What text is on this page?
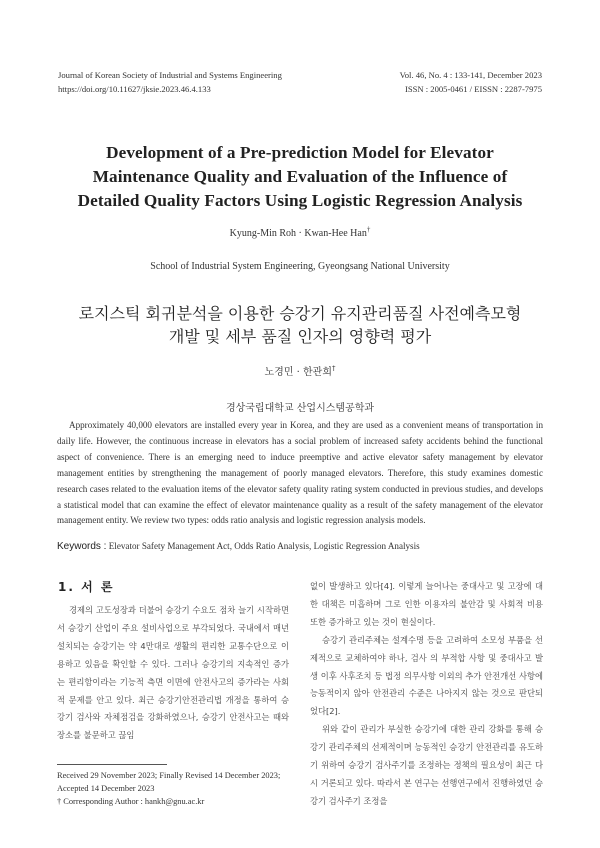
Journal of Korean Society of Industrial and Systems Engineering
https://doi.org/10.11627/jksie.2023.46.4.133
Vol. 46, No. 4 : 133-141, December 2023
ISSN : 2005-0461 / EISSN : 2287-7975
Development of a Pre-prediction Model for Elevator
Maintenance Quality and Evaluation of the Influence of
Detailed Quality Factors Using Logistic Regression Analysis
Kyung-Min Roh · Kwan-Hee Han†
School of Industrial System Engineering, Gyeongsang National University
로지스틱 회귀분석을 이용한 승강기 유지관리품질 사전예측모형
개발 및 세부 품질 인자의 영향력 평가
노경민 · 한관희†
경상국립대학교 산업시스템공학과
Approximately 40,000 elevators are installed every year in Korea, and they are used as a convenient means of transportation in daily life. However, the continuous increase in elevators has a social problem of increased safety accidents behind the functional aspect of convenience. There is an emerging need to induce preemptive and active elevator safety management by elevator management entities by strengthening the management of poorly managed elevators. Therefore, this study examines domestic research cases related to the evaluation items of the elevator safety quality rating system conducted in previous studies, and develops a statistical model that can examine the effect of elevator maintenance quality as a result of the safety management of the elevator management entity. We review two types: odds ratio analysis and logistic regression analysis models.
Keywords : Elevator Safety Management Act, Odds Ratio Analysis, Logistic Regression Analysis
1. 서 론

경제의 고도성장과 더불어 승강기 수요도 점차 늘기 시작하면서 승강기 산업이 주요 설비사업으로 부각되었다. 국내에서 매년 설치되는 승강기는 약 4만대로 생활의 편리한 교통수단으로 이용하고 있음을 확인할 수 있다. 그러나 승강기의 지속적인 증가는 편리함이라는 기능적 측면 이면에 안전사고의 증가라는 사회적 문제를 안고 있다. 최근 승강기안전관리법 개정을 통하여 승강기 검사와 자체점검을 강화하였으나, 승강기 안전사고는 때와 장소를 불문하고 끊임

없이 발생하고 있다[4]. 이렇게 늘어나는 중대사고 및 고장에 대한 대책은 미흡하며 그로 인한 이용자의 불안감 및 사회적 비용 또한 증가하고 있는 것이 현실이다.

승강기 관리주체는 설계수명 등을 고려하여 소모성 부품을 선제적으로 교체하여야 하나, 검사 의 부적합 사항 및 중대사고 발생 이후 사후조치 등 법정 의무사항 이외의 추가 안전개선 사항에 능동적이지 않아 안전관리 수준은 나아지지 않는 것으로 판단되었다[2].

위와 같이 관리가 부실한 승강기에 대한 관리 강화를 통해 승강기 관리주체의 선제적이며 능동적인 승강기 안전관리를 유도하기 위하여 승강기 검사주기를 조정하는 정책의 필요성이 최근 다시 거론되고 있다. 따라서 본 연구는 선행연구에서 진행하였던 승강기 검사주기 조정을

Received 29 November 2023; Finally Revised 14 December 2023;
Accepted 14 December 2023
† Corresponding Author : hankh@gnu.ac.kr
